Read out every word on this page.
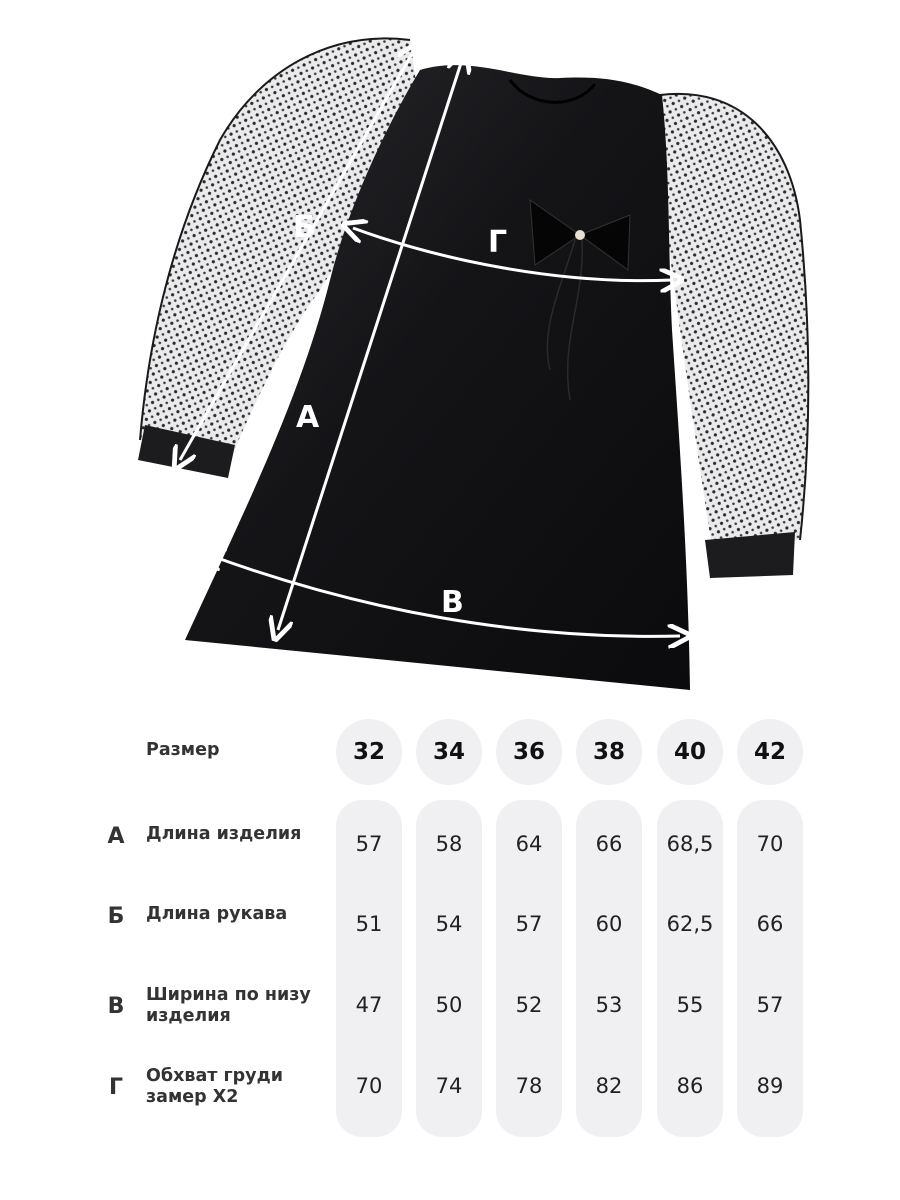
А
Б	Г
В
Размер	32	34	36	38	40	42
А Длина изделия	57	58	64	66	68,5	70
Б Длина рукава	51	54	57	60	62,5	66
В Ширина по низу изделия	47	50	52	53	55	57
Г Обхват груди замер Х2	70	74	78	82	86	89
